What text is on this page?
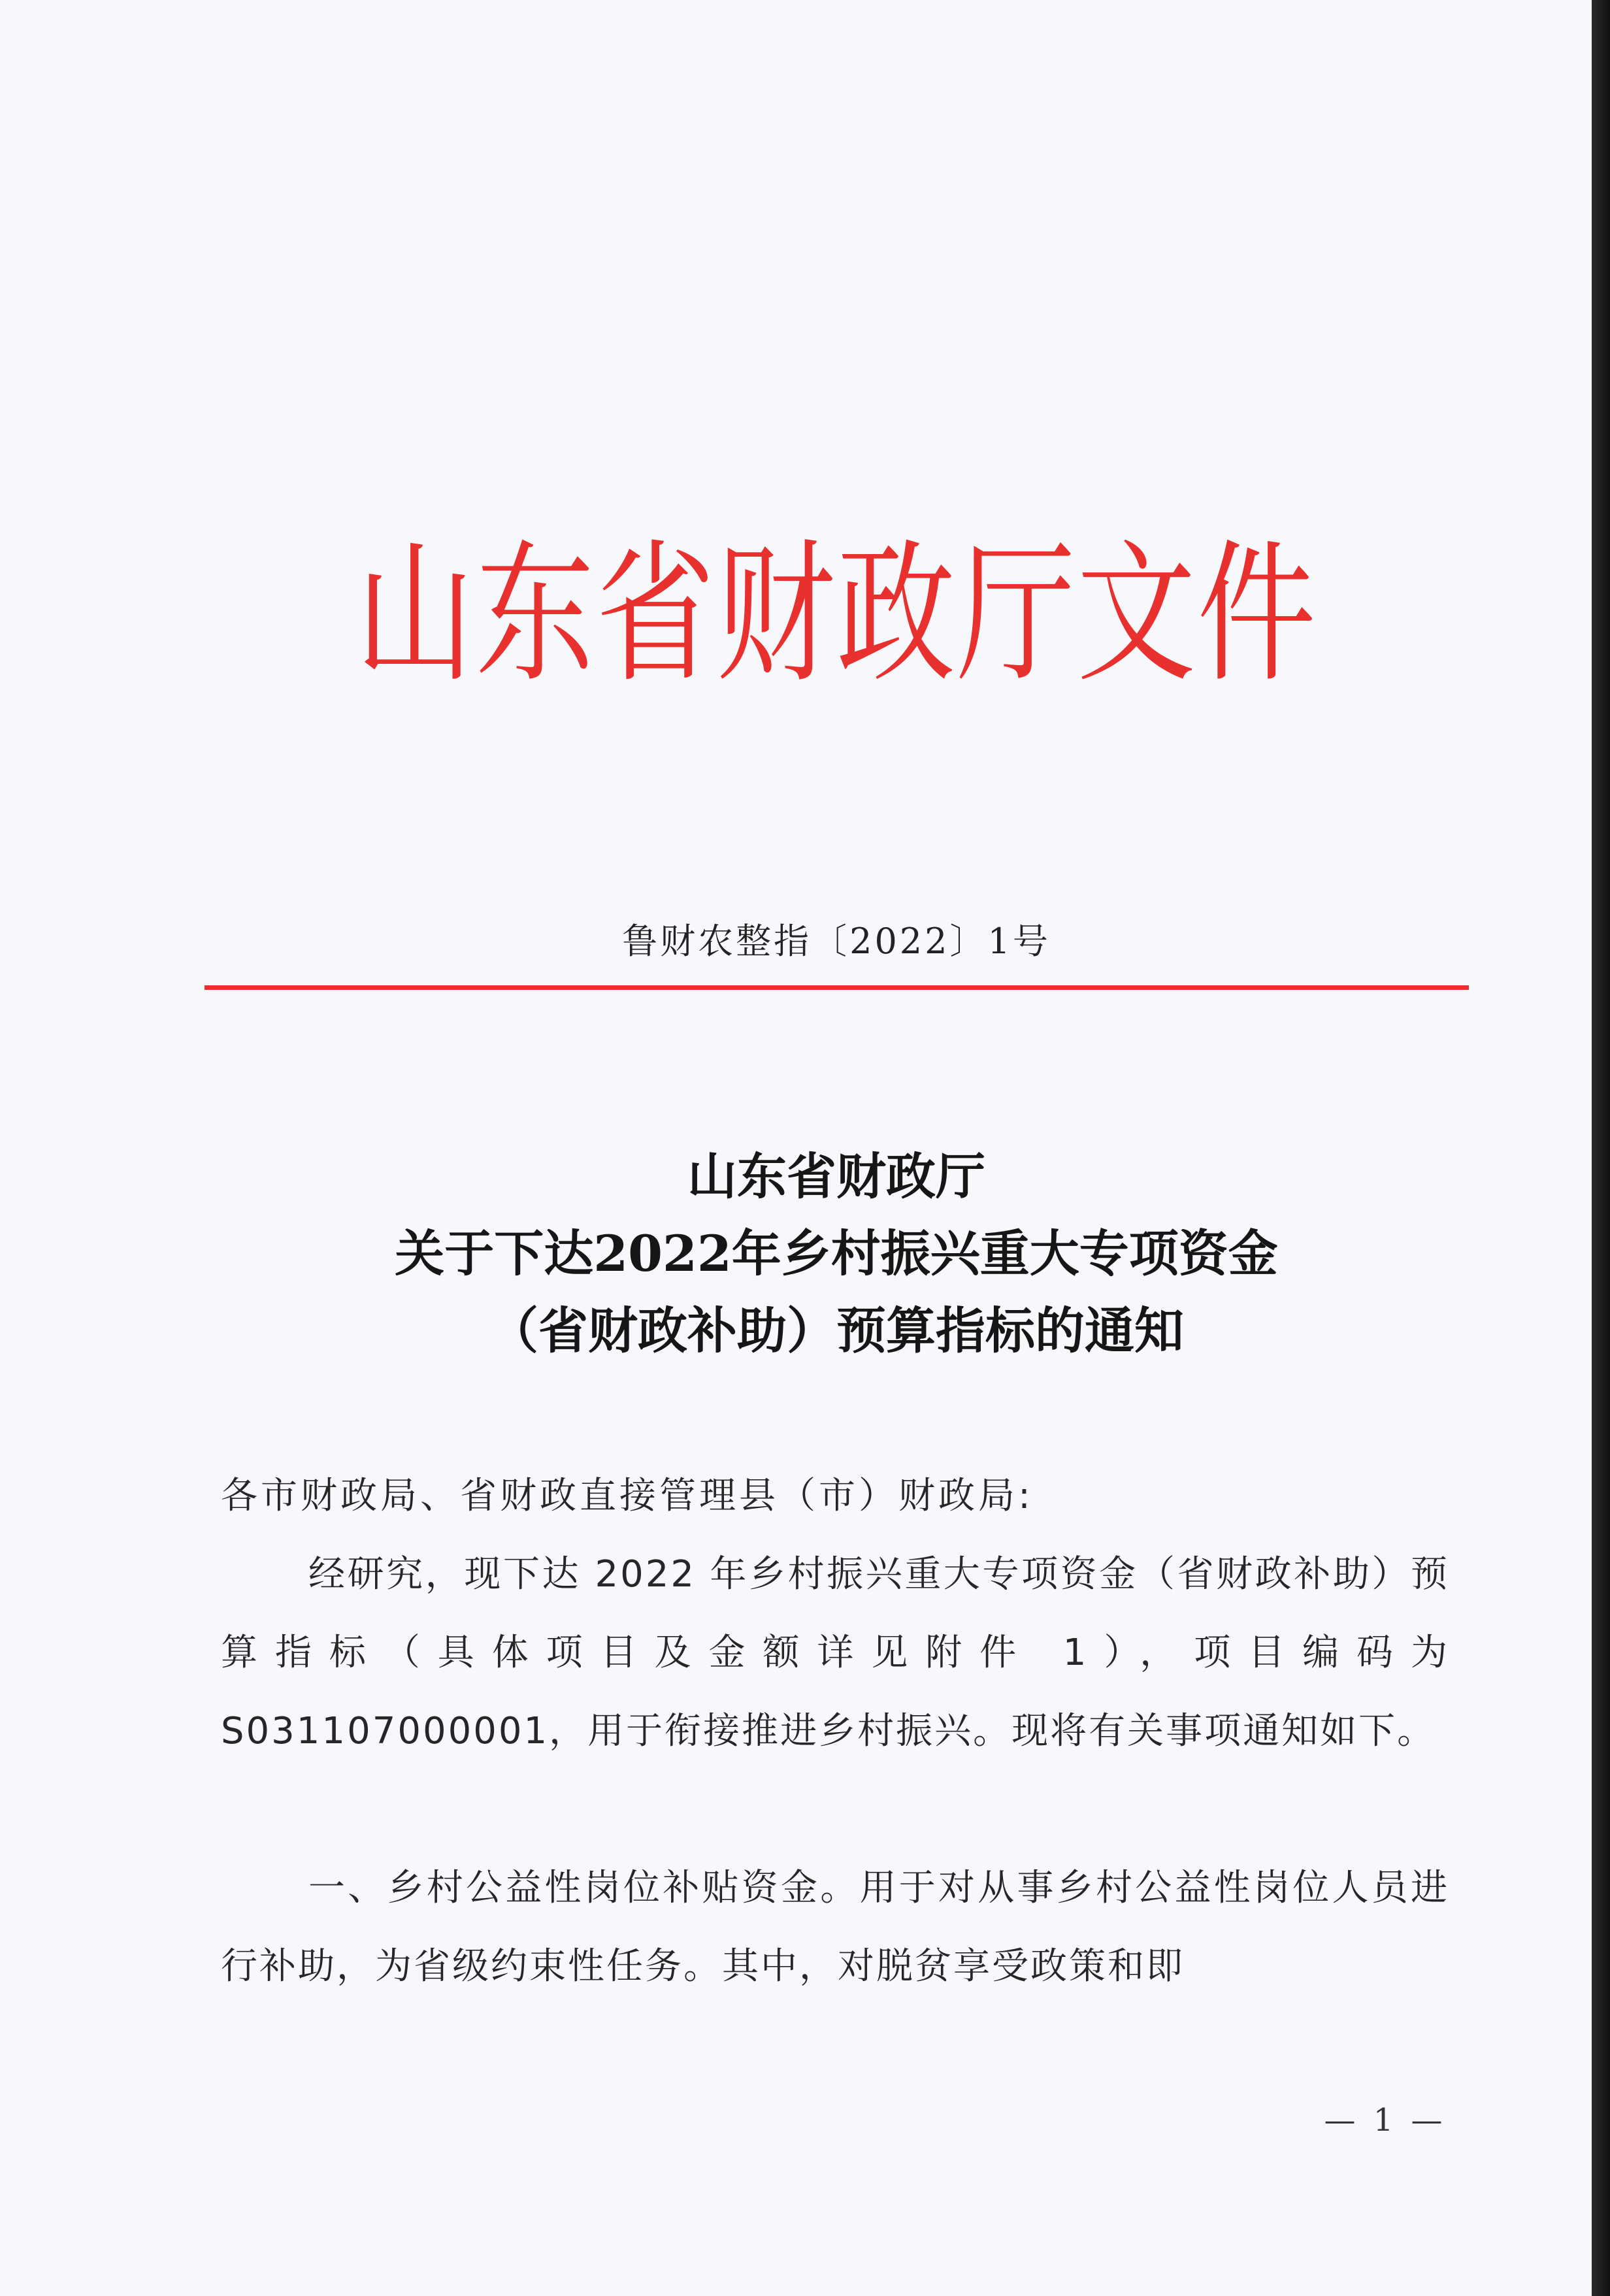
山东省财政厅文件
鲁财农整指〔2022〕1号
山东省财政厅
关于下达2022年乡村振兴重大专项资金
（省财政补助）预算指标的通知
各市财政局、省财政直接管理县（市）财政局:
经研究，现下达 2022 年乡村振兴重大专项资金（省财政补助）预算指标（具体项目及金额详见附件 1），项目编码为S031107000001，用于衔接推进乡村振兴。现将有关事项通知如下。
一、乡村公益性岗位补贴资金。用于对从事乡村公益性岗位人员进行补助，为省级约束性任务。其中，对脱贫享受政策和即
— 1 —
